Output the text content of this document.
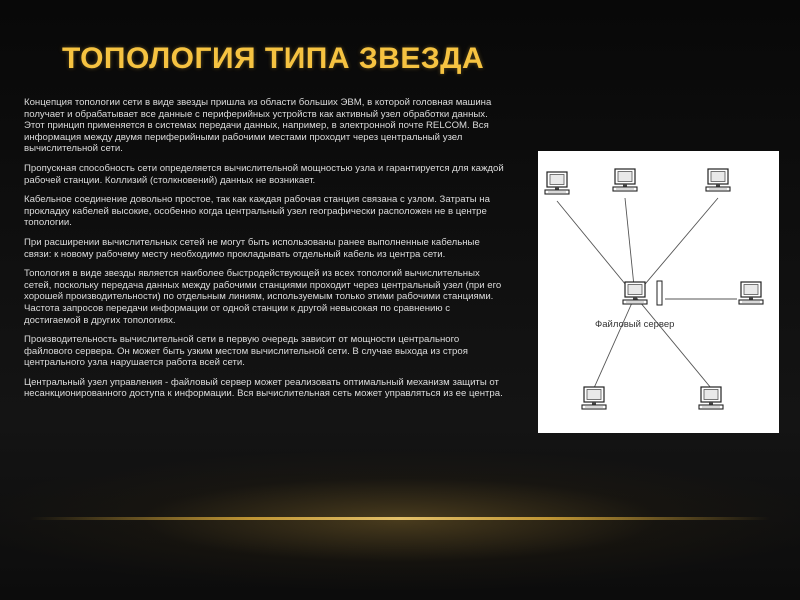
ТОПОЛОГИЯ ТИПА ЗВЕЗДА

Концепция топологии сети в виде звезды пришла из области больших ЭВМ, в которой головная машина получает и обрабатывает все данные с периферийных устройств как активный узел обработки данных. Этот принцип применяется в системах передачи данных, например, в электронной почте RELCOM. Вся информация между двумя периферийными рабочими местами проходит через центральный узел вычислительной сети.

Пропускная способность сети определяется вычислительной мощностью узла и гарантируется для каждой рабочей станции. Коллизий (столкновений) данных не возникает.

Кабельное соединение довольно простое, так как каждая рабочая станция связана с узлом. Затраты на прокладку кабелей высокие, особенно когда центральный узел географически расположен не в центре топологии.

При расширении вычислительных сетей не могут быть использованы ранее выполненные кабельные связи: к новому рабочему месту необходимо прокладывать отдельный кабель из центра сети.

Топология в виде звезды является наиболее быстродействующей из всех топологий вычислительных сетей, поскольку передача данных между рабочими станциями проходит через центральный узел (при его хорошей производительности) по отдельным линиям, используемым только этими рабочими станциями. Частота запросов передачи информации от одной станции к другой невысокая по сравнению с достигаемой в других топологиях.

Производительность вычислительной сети в первую очередь зависит от мощности центрального файлового сервера. Он может быть узким местом вычислительной сети. В случае выхода из строя центрального узла нарушается работа всей сети.

Центральный узел управления - файловый сервер может реализовать оптимальный механизм защиты от несанкционированного доступа к информации. Вся вычислительная сеть может управляться из ее центра.

Файловый сервер
